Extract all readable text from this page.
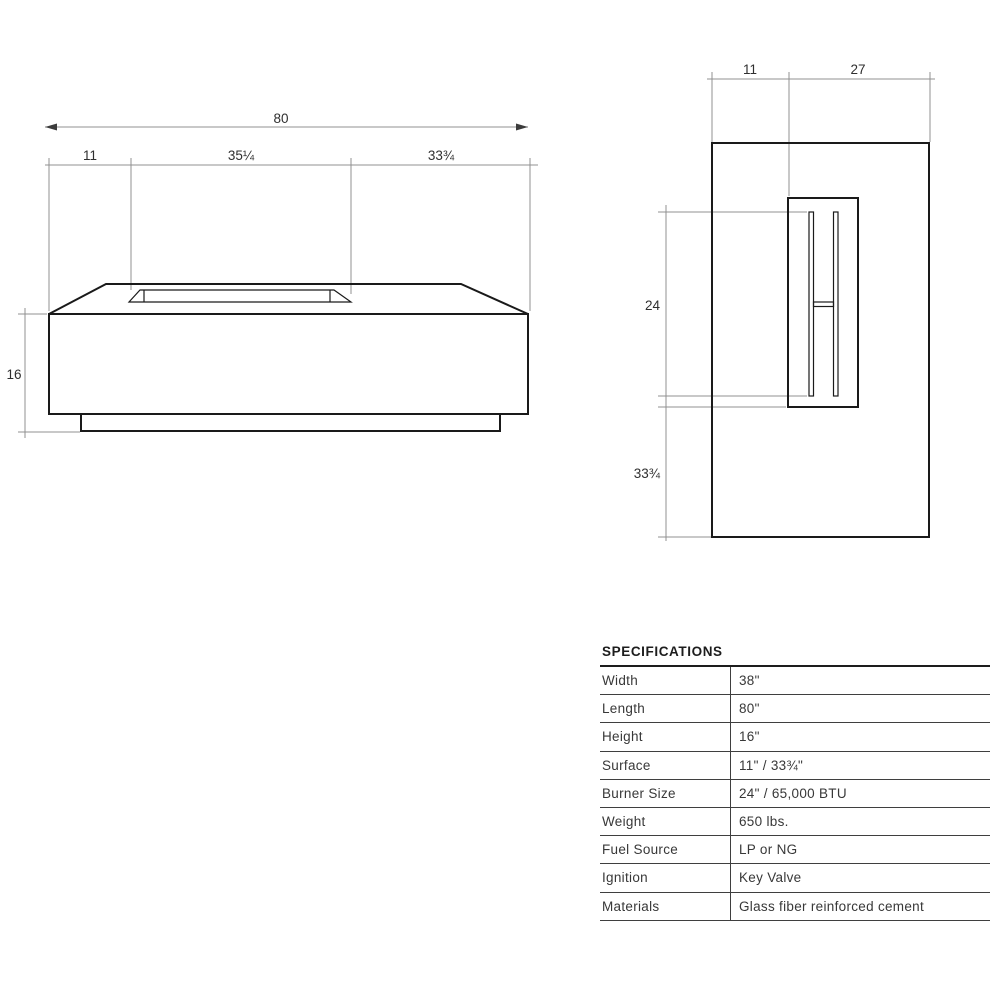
80
11	35¼	33¾
16
11	27
24
33¾
SPECIFICATIONS
Width	38"
Length	80"
Height	16"
Surface	11" / 33¾"
Burner Size	24" / 65,000 BTU
Weight	650 lbs.
Fuel Source	LP or NG
Ignition	Key Valve
Materials	Glass fiber reinforced cement
